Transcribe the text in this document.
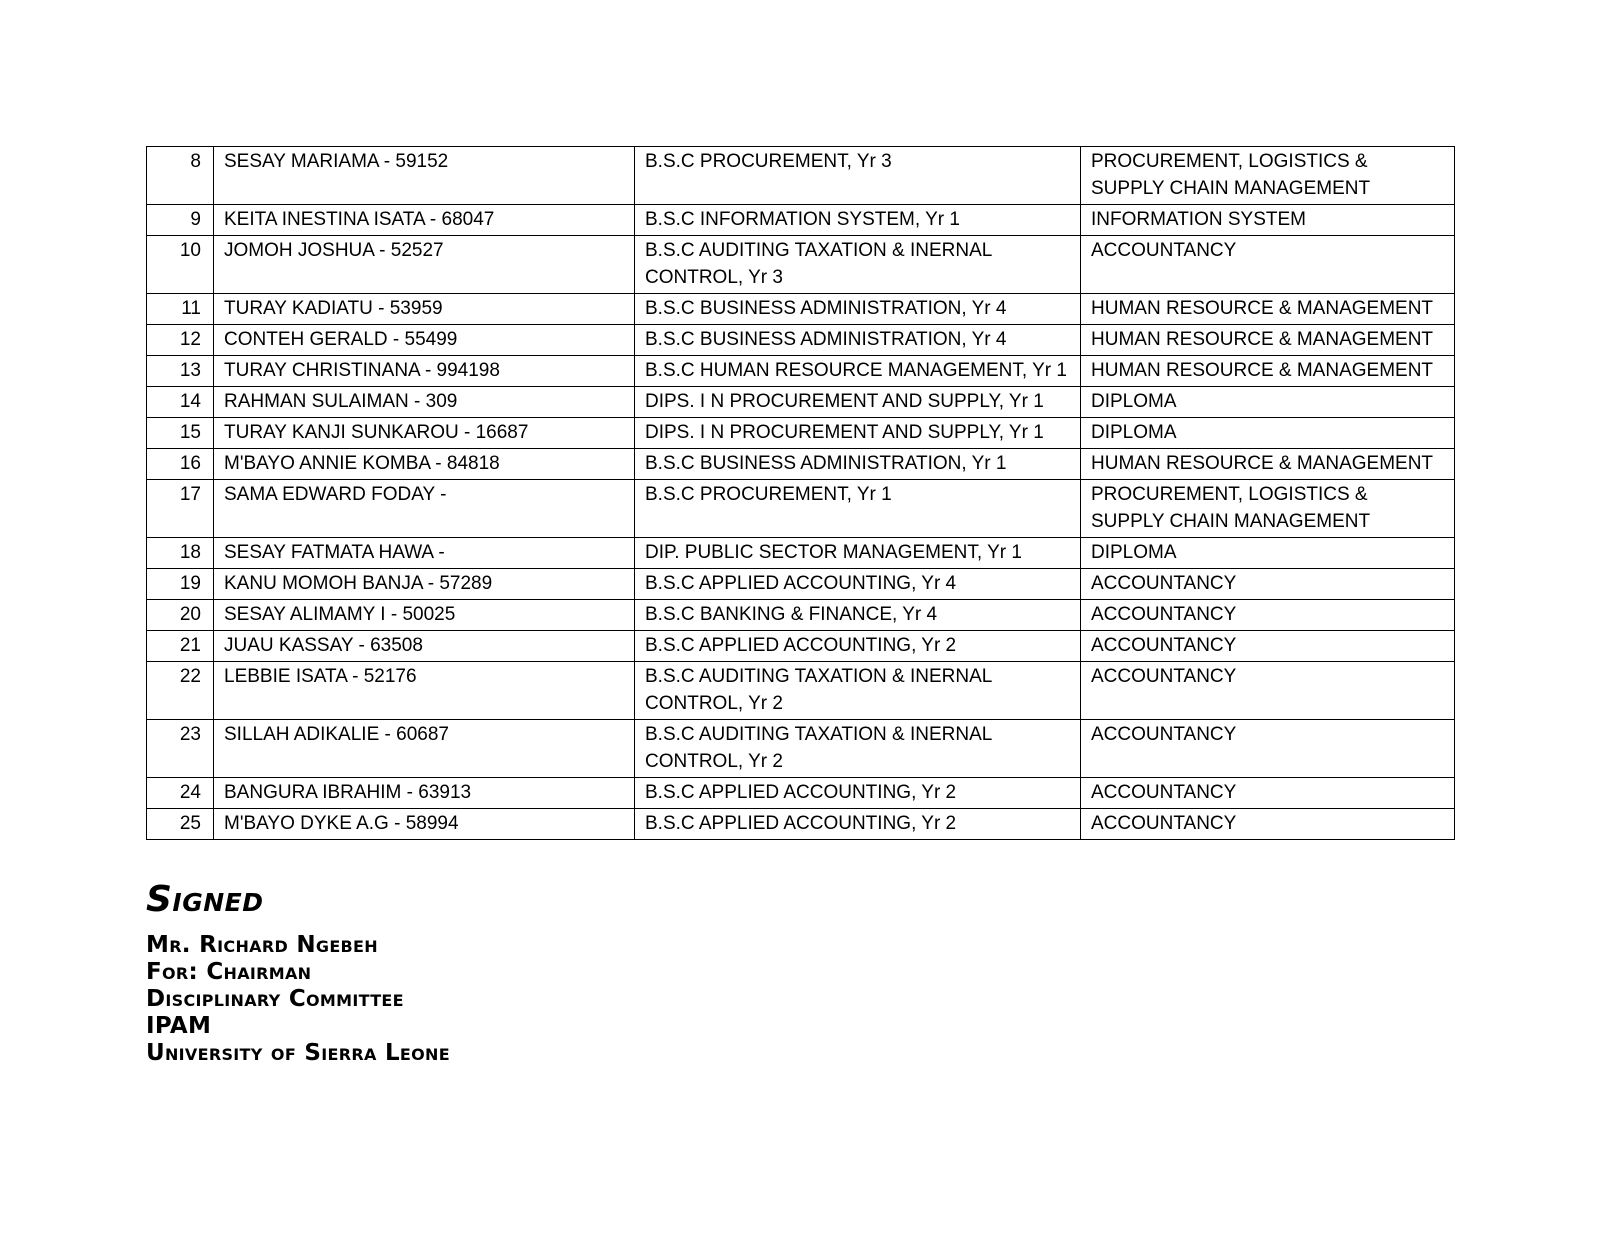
8	SESAY MARIAMA - 59152	B.S.C PROCUREMENT, Yr 3	PROCUREMENT, LOGISTICS & SUPPLY CHAIN MANAGEMENT
9	KEITA INESTINA ISATA - 68047	B.S.C INFORMATION SYSTEM, Yr 1	INFORMATION SYSTEM
10	JOMOH JOSHUA - 52527	B.S.C AUDITING TAXATION & INERNAL CONTROL, Yr 3	ACCOUNTANCY
11	TURAY KADIATU - 53959	B.S.C BUSINESS ADMINISTRATION, Yr 4	HUMAN RESOURCE & MANAGEMENT
12	CONTEH GERALD - 55499	B.S.C BUSINESS ADMINISTRATION, Yr 4	HUMAN RESOURCE & MANAGEMENT
13	TURAY CHRISTINANA - 994198	B.S.C HUMAN RESOURCE MANAGEMENT, Yr 1	HUMAN RESOURCE & MANAGEMENT
14	RAHMAN SULAIMAN - 309	DIPS. I N PROCUREMENT AND SUPPLY, Yr 1	DIPLOMA
15	TURAY KANJI SUNKAROU - 16687	DIPS. I N PROCUREMENT AND SUPPLY, Yr 1	DIPLOMA
16	M'BAYO ANNIE KOMBA - 84818	B.S.C BUSINESS ADMINISTRATION, Yr 1	HUMAN RESOURCE & MANAGEMENT
17	SAMA EDWARD FODAY -	B.S.C PROCUREMENT, Yr 1	PROCUREMENT, LOGISTICS & SUPPLY CHAIN MANAGEMENT
18	SESAY FATMATA HAWA -	DIP. PUBLIC SECTOR MANAGEMENT, Yr 1	DIPLOMA
19	KANU MOMOH BANJA - 57289	B.S.C APPLIED ACCOUNTING, Yr 4	ACCOUNTANCY
20	SESAY ALIMAMY I - 50025	B.S.C BANKING & FINANCE, Yr 4	ACCOUNTANCY
21	JUAU KASSAY - 63508	B.S.C APPLIED ACCOUNTING, Yr 2	ACCOUNTANCY
22	LEBBIE ISATA - 52176	B.S.C AUDITING TAXATION & INERNAL CONTROL, Yr 2	ACCOUNTANCY
23	SILLAH ADIKALIE - 60687	B.S.C AUDITING TAXATION & INERNAL CONTROL, Yr 2	ACCOUNTANCY
24	BANGURA IBRAHIM - 63913	B.S.C APPLIED ACCOUNTING, Yr 2	ACCOUNTANCY
25	M'BAYO DYKE A.G - 58994	B.S.C APPLIED ACCOUNTING, Yr 2	ACCOUNTANCY
Signed
Mr. Richard Ngebeh
For: Chairman
Disciplinary Committee
IPAM
University of Sierra Leone
